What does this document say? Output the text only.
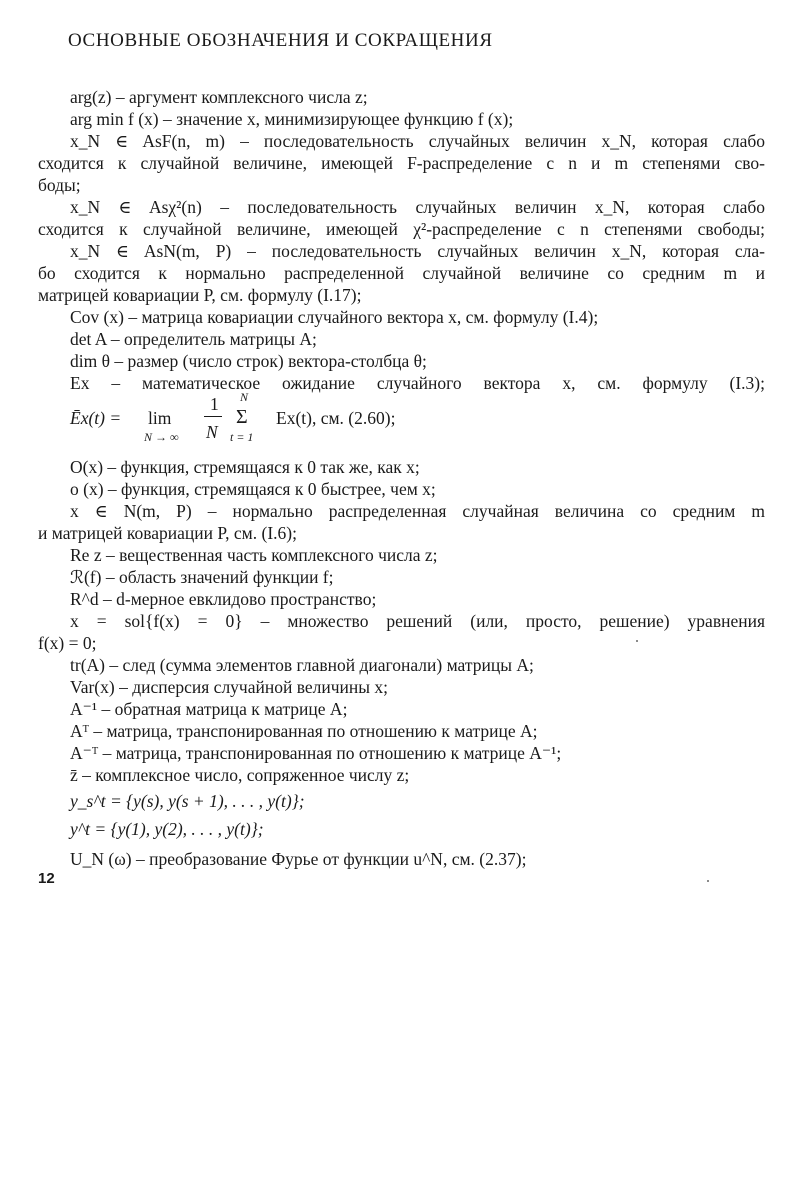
ОСНОВНЫЕ ОБОЗНАЧЕНИЯ И СОКРАЩЕНИЯ
arg(z) – аргумент комплексного числа z;
arg min f (x) – значение x, минимизирующее функцию f (x);
x_N ∈ AsF(n, m) – последовательность случайных величин x_N, которая слабо
сходится к случайной величине, имеющей F-распределение с n и m степенями сво-
боды;
x_N ∈ Asχ²(n) – последовательность случайных величин x_N, которая слабо
сходится к случайной величине, имеющей χ²-распределение с n степенями свободы;
x_N ∈ AsN(m, P) – последовательность случайных величин x_N, которая сла-
бо сходится к нормально распределенной случайной величине со средним m и
матрицей ковариации P, см. формулу (I.17);
Cov (x) – матрица ковариации случайного вектора x, см. формулу (I.4);
det A – определитель матрицы A;
dim θ – размер (число строк) вектора-столбца θ;
Ex – математическое ожидание случайного вектора x, см. формулу (I.3);
Ēx(t) = lim
N → ∞
1
N
N
Σ
t = 1
Ex(t), см. (2.60);
O(x) – функция, стремящаяся к 0 так же, как x;
o (x) – функция, стремящаяся к 0 быстрее, чем x;
x ∈ N(m, P) – нормально распределенная случайная величина со средним m
и матрицей ковариации P, см. (I.6);
Re z – вещественная часть комплексного числа z;
ℛ(f) – область значений функции f;
R^d – d-мерное евклидово пространство;
x = sol{f(x) = 0} – множество решений (или, просто, решение) уравнения
f(x) = 0;
tr(A) – след (сумма элементов главной диагонали) матрицы A;
Var(x) – дисперсия случайной величины x;
A⁻¹ – обратная матрица к матрице A;
Aᵀ – матрица, транспонированная по отношению к матрице A;
A⁻ᵀ – матрица, транспонированная по отношению к матрице A⁻¹;
z̄ – комплексное число, сопряженное числу z;
y_s^t = {y(s), y(s + 1), . . . , y(t)};
y^t = {y(1), y(2), . . . , y(t)};
U_N (ω) – преобразование Фурье от функции u^N, см. (2.37);
12
